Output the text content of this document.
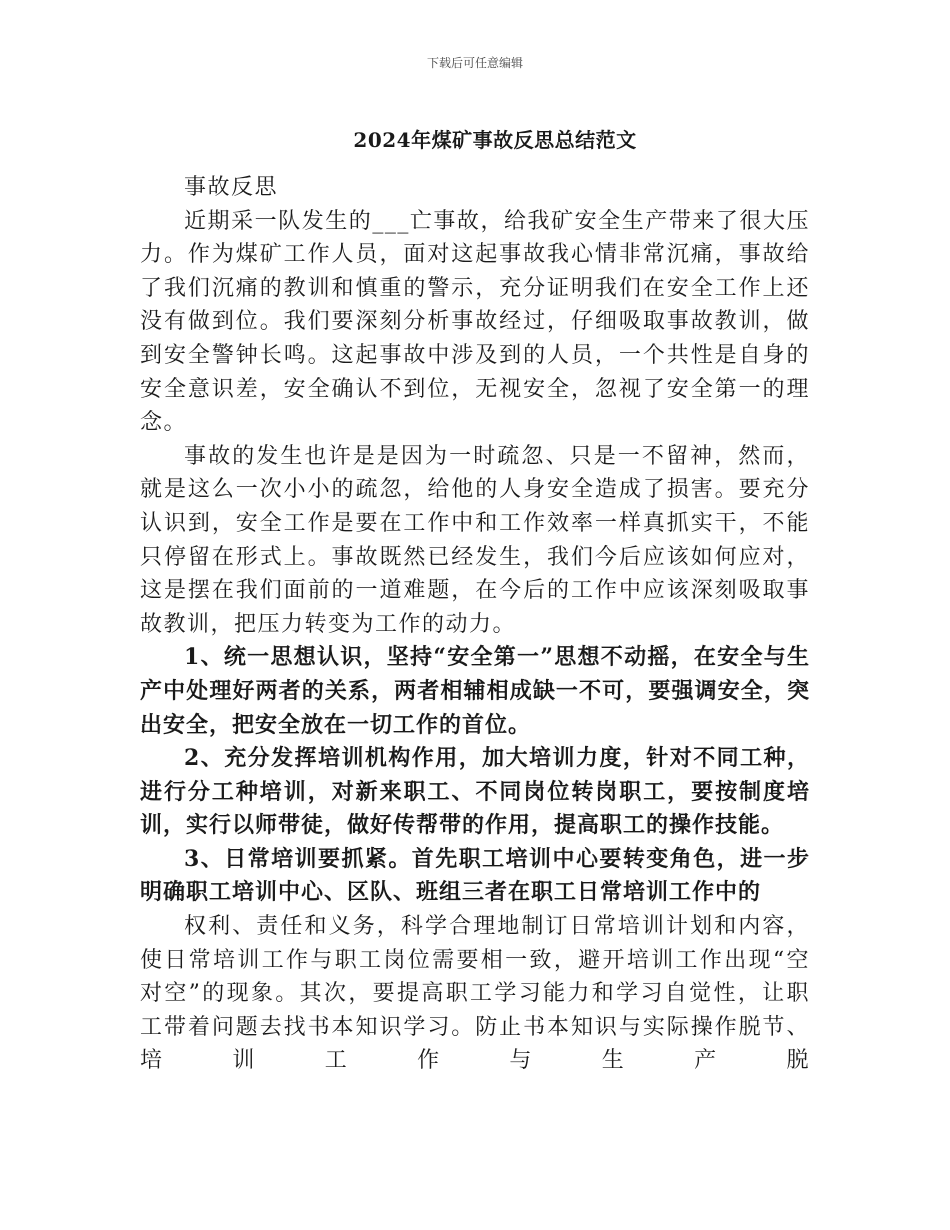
下载后可任意编辑
2024年煤矿事故反思总结范文

事故反思

近期采一队发生的___亡事故，给我矿安全生产带来了很大压力。作为煤矿工作人员，面对这起事故我心情非常沉痛，事故给了我们沉痛的教训和慎重的警示，充分证明我们在安全工作上还没有做到位。我们要深刻分析事故经过，仔细吸取事故教训，做到安全警钟长鸣。这起事故中涉及到的人员，一个共性是自身的安全意识差，安全确认不到位，无视安全，忽视了安全第一的理念。

事故的发生也许是是因为一时疏忽、只是一不留神，然而，就是这么一次小小的疏忽，给他的人身安全造成了损害。要充分认识到，安全工作是要在工作中和工作效率一样真抓实干，不能只停留在形式上。事故既然已经发生，我们今后应该如何应对，这是摆在我们面前的一道难题，在今后的工作中应该深刻吸取事故教训，把压力转变为工作的动力。

1、统一思想认识，坚持“安全第一”思想不动摇，在安全与生产中处理好两者的关系，两者相辅相成缺一不可，要强调安全，突出安全，把安全放在一切工作的首位。

2、充分发挥培训机构作用，加大培训力度，针对不同工种，进行分工种培训，对新来职工、不同岗位转岗职工，要按制度培训，实行以师带徒，做好传帮带的作用，提高职工的操作技能。

3、日常培训要抓紧。首先职工培训中心要转变角色，进一步明确职工培训中心、区队、班组三者在职工日常培训工作中的

权利、责任和义务，科学合理地制订日常培训计划和内容，使日常培训工作与职工岗位需要相一致，避开培训工作出现“空对空”的现象。其次，要提高职工学习能力和学习自觉性，让职工带着问题去找书本知识学习。防止书本知识与实际操作脱节、培训工作与生产脱
